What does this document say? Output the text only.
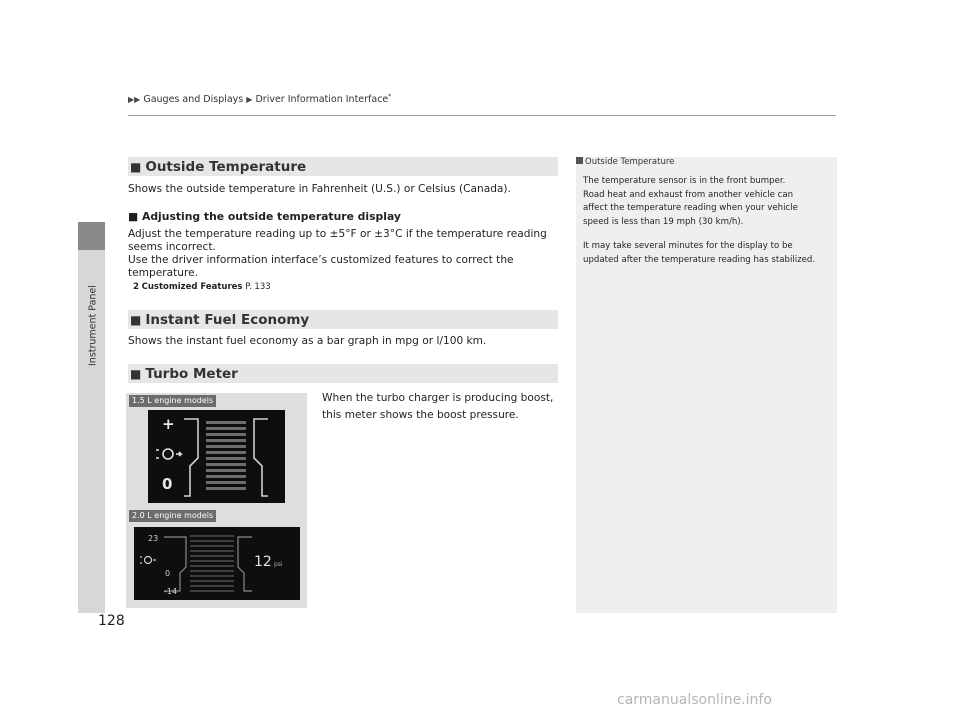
Instrument Panel
▶▶ Gauges and Displays ▶ Driver Information Interface*
■ Outside Temperature
Shows the outside temperature in Fahrenheit (U.S.) or Celsius (Canada).
■ Adjusting the outside temperature display
Adjust the temperature reading up to ±5°F or ±3°C if the temperature reading
seems incorrect.
Use the driver information interface’s customized features to correct the
temperature.
2 Customized Features P. 133
■ Instant Fuel Economy
Shows the instant fuel economy as a bar graph in mpg or l/100 km.
■ Turbo Meter
When the turbo charger is producing boost,
this meter shows the boost pressure.
1.5 L engine models
+
0
2.0 L engine models
23
0
-14
12 psi
Outside Temperature
The temperature sensor is in the front bumper.
Road heat and exhaust from another vehicle can
affect the temperature reading when your vehicle
speed is less than 19 mph (30 km/h).
It may take several minutes for the display to be
updated after the temperature reading has stabilized.
128
carmanualsonline.info
